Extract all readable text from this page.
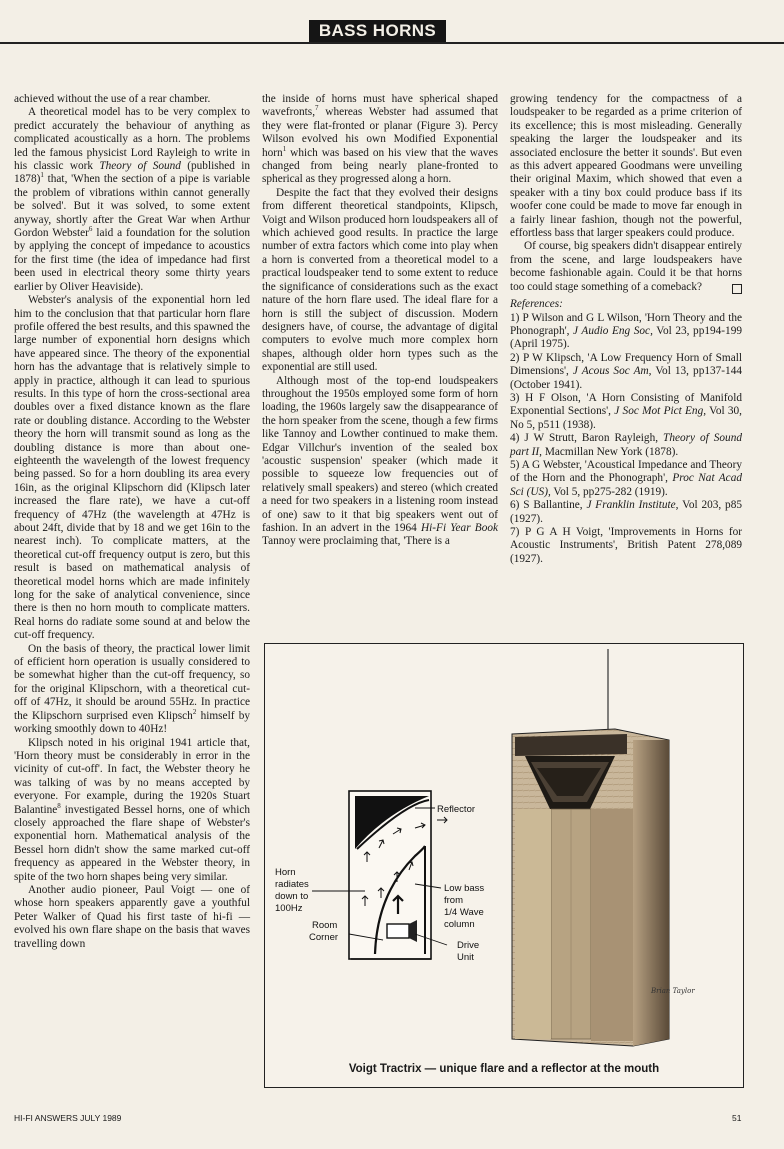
BASS HORNS

achieved without the use of a rear chamber.

A theoretical model has to be very complex to predict accurately the behaviour of anything as complicated acoustically as a horn. The problems led the famous physicist Lord Rayleigh to write in his classic work Theory of Sound (published in 1878)$^1$ that, 'When the section of a pipe is variable the problem of vibrations within cannot generally be solved'. But it was solved, to some extent anyway, shortly after the Great War when Arthur Gordon Webster$^6$ laid a foundation for the solution by applying the concept of impedance to acoustics for the first time (the idea of impedance had first been used in electrical theory some thirty years earlier by Oliver Heaviside).

Webster's analysis of the exponential horn led him to the conclusion that that particular horn flare profile offered the best results, and this spawned the large number of exponential horn designs which have appeared since. The theory of the exponential horn has the advantage that is relatively simple to apply in practice, although it can lead to spurious results. In this type of horn the cross-sectional area doubles over a fixed distance known as the flare rate or doubling distance. According to the Webster theory the horn will transmit sound as long as the doubling distance is more than about one-eighteenth the wavelength of the lowest frequency being passed. So for a horn doubling its area every 16in, as the original Klipschorn did (Klipsch later increased the flare rate), we have a cut-off frequency of 47Hz (the wavelength at 47Hz is about 24ft, divide that by 18 and we get 16in to the nearest inch). To complicate matters, at the theoretical cut-off frequency output is zero, but this result is based on mathematical analysis of theoretical model horns which are made infinitely long for the sake of analytical convenience, since there is then no horn mouth to complicate matters. Real horns do radiate some sound at and below the cut-off frequency.

On the basis of theory, the practical lower limit of efficient horn operation is usually considered to be somewhat higher than the cut-off frequency, so for the original Klipschorn, with a theoretical cut-off of 47Hz, it should be around 55Hz. In practice the Klipschorn surprised even Klipsch$^2$ himself by working smoothly down to 40Hz!

Klipsch noted in his original 1941 article that, 'Horn theory must be considerably in error in the vicinity of cut-off'. In fact, the Webster theory he was talking of was by no means accepted by everyone. For example, during the 1920s Stuart Balantine$^8$ investigated Bessel horns, one of which closely approached the flare shape of Webster's exponential horn. Mathematical analysis of the Bessel horn didn't show the same marked cut-off frequency as appeared in the Webster theory, in spite of the two horn shapes being very similar.

Another audio pioneer, Paul Voigt — one of whose horn speakers apparently gave a youthful Peter Walker of Quad his first taste of hi-fi — evolved his own flare shape on the basis that waves travelling down

the inside of horns must have spherical shaped wavefronts,$^7$ whereas Webster had assumed that they were flat-fronted or planar (Figure 3). Percy Wilson evolved his own Modified Exponential horn$^1$ which was based on his view that the waves changed from being nearly plane-fronted to spherical as they progressed along a horn.

Despite the fact that they evolved their designs from different theoretical standpoints, Klipsch, Voigt and Wilson produced horn loudspeakers all of which achieved good results. In practice the large number of extra factors which come into play when a horn is converted from a theoretical model to a practical loudspeaker tend to some extent to reduce the significance of considerations such as the exact nature of the horn flare used. The ideal flare for a horn is still the subject of discussion. Modern designers have, of course, the advantage of digital computers to evolve much more complex horn shapes, although older horn types such as the exponential are still used.

Although most of the top-end loudspeakers throughout the 1950s employed some form of horn loading, the 1960s largely saw the disappearance of the horn speaker from the scene, though a few firms like Tannoy and Lowther continued to make them. Edgar Villchur's invention of the sealed box 'acoustic suspension' speaker (which made it possible to squeeze low frequencies out of relatively small speakers) and stereo (which created a need for two speakers in a listening room instead of one) saw to it that big speakers went out of fashion. In an advert in the 1964 Hi-Fi Year Book Tannoy were proclaiming that, 'There is a

growing tendency for the compactness of a loudspeaker to be regarded as a prime criterion of its excellence; this is most misleading. Generally speaking the larger the loudspeaker and its associated enclosure the better it sounds'. But even as this advert appeared Goodmans were unveiling their original Maxim, which showed that even a speaker with a tiny box could produce bass if its woofer cone could be made to move far enough in a fairly linear fashion, though not the powerful, effortless bass that larger speakers could produce.

Of course, big speakers didn't disappear entirely from the scene, and large loudspeakers have become fashionable again. Could it be that horns too could stage something of a comeback?

References:

1) P Wilson and G L Wilson, 'Horn Theory and the Phonograph', J Audio Eng Soc, Vol 23, pp194-199 (April 1975).

2) P W Klipsch, 'A Low Frequency Horn of Small Dimensions', J Acous Soc Am, Vol 13, pp137-144 (October 1941).

3) H F Olson, 'A Horn Consisting of Manifold Exponential Sections', J Soc Mot Pict Eng, Vol 30, No 5, p511 (1938).

4) J W Strutt, Baron Rayleigh, Theory of Sound part II, Macmillan New York (1878).

5) A G Webster, 'Acoustical Impedance and Theory of the Horn and the Phonograph', Proc Nat Acad Sci (US), Vol 5, pp275-282 (1919).

6) S Ballantine, J Franklin Institute, Vol 203, p85 (1927).

7) P G A H Voigt, 'Improvements in Horns for Acoustic Instruments', British Patent 278,089 (1927).

Brian Taylor
Reflector
Horn
radiates
down to
100Hz
Room
Corner
Low bass
from
1/4 Wave
column
Drive
Unit
Voigt Tractrix — unique flare and a reflector at the mouth
HI-FI ANSWERS JULY 1989	51
